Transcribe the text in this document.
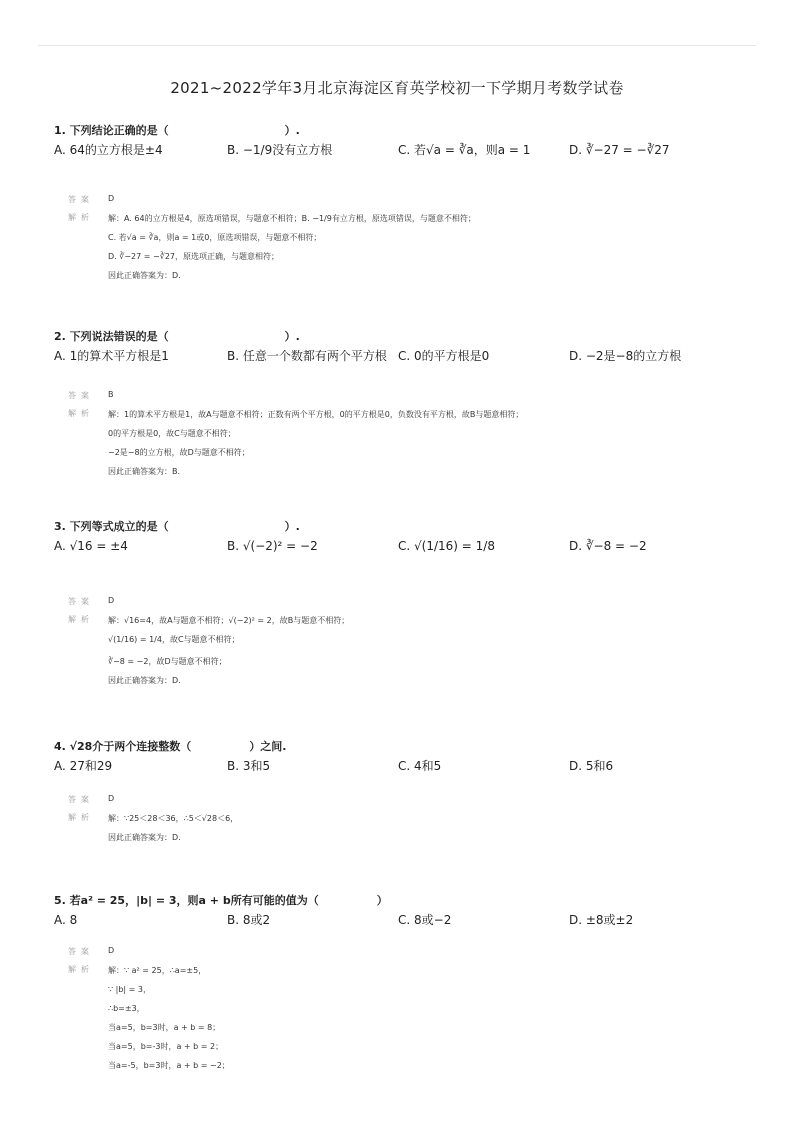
2021~2022学年3月北京海淀区育英学校初一下学期月考数学试卷
1. 下列结论正确的是（	）.
A. 64的立方根是±4	B. −1/9没有立方根	C. 若√a = ∛a，则a = 1	D. ∛−27 = −∛27
答案 D
解析 解：A. 64的立方根是4，原选项错误，与题意不相符；B. −1/9有立方根，原选项错误，与题意不相符；
C. 若√a = ∛a，则a = 1或0，原选项错误，与题意不相符；
D. ∛−27 = −∛27，原选项正确，与题意相符；
因此正确答案为：D.
2. 下列说法错误的是（	）.
A. 1的算术平方根是1	B. 任意一个数都有两个平方根 C. 0的平方根是0	D. −2是−8的立方根
答案 B
解析 解：1的算术平方根是1，故A与题意不相符；正数有两个平方根，0的平方根是0，负数没有平方根，故B与题意相符；
0的平方根是0，故C与题意不相符；
−2是−8的立方根，故D与题意不相符；
因此正确答案为：B.
3. 下列等式成立的是（	）.
A. √16 = ±4	B. √(−2)² = −2	C. √(1/16) = 1/8	D. ∛−8 = −2
答案 D
解析 解：√16=4，故A与题意不相符；√(−2)² = 2，故B与题意不相符；
√(1/16) = 1/4，故C与题意不相符；
∛−8 = −2，故D与题意不相符；
因此正确答案为：D.
4. √28介于两个连接整数（	）之间.
A. 27和29	B. 3和5	C. 4和5	D. 5和6
答案 D
解析 解：∵25＜28＜36，∴5＜√28＜6，
因此正确答案为：D.
5. 若a² = 25，|b| = 3，则a + b所有可能的值为（	）
A. 8	B. 8或2	C. 8或−2	D. ±8或±2
答案 D
解析 解：∵ a² = 25，∴a=±5，
∵ |b| = 3，
∴b=±3，
当a=5，b=3时，a + b = 8；
当a=5，b=-3时，a + b = 2；
当a=-5，b=3时，a + b = −2；
